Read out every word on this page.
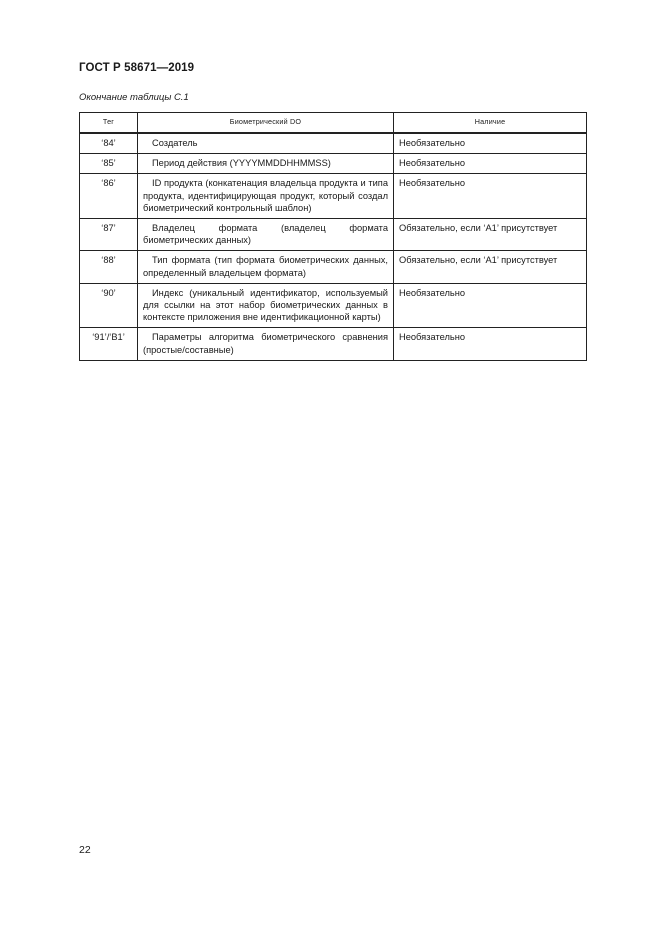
ГОСТ Р 58671—2019
Окончание таблицы С.1
Тег	Биометрический DO	Наличие
‘84’	Создатель	Необязательно
‘85’	Период действия (YYYYMMDDHHMMSS)	Необязательно
‘86’	ID продукта (конкатенация владельца продукта и типа продукта, идентифицирующая продукт, который создал биометрический контрольный шаблон)	Необязательно
‘87’	Владелец формата (владелец формата биометрических данных)	Обязательно, если ‘A1’ присутствует
‘88’	Тип формата (тип формата биометрических данных, определенный владельцем формата)	Обязательно, если ‘A1’ присутствует
‘90’	Индекс (уникальный идентификатор, используемый для ссылки на этот набор биометрических данных в контексте приложения вне идентификационной карты)	Необязательно
‘91’/‘B1’	Параметры алгоритма биометрического сравнения (простые/составные)	Необязательно
22
